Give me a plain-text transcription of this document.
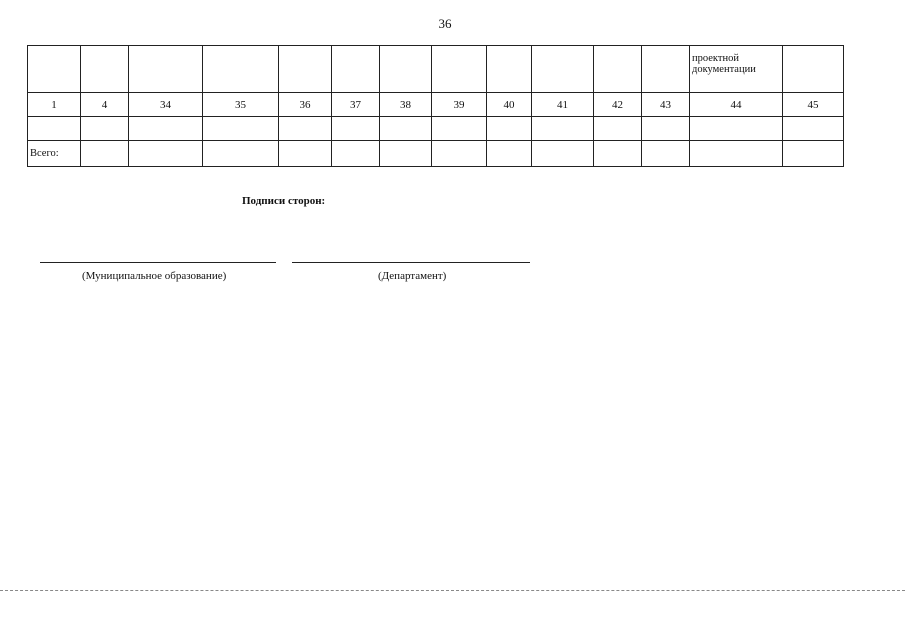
36
												проектной документации	
1	4	34	35	36	37	38	39	40	41	42	43	44	45

Всего:													
Подписи сторон:
(Муниципальное образование)	(Департамент)
